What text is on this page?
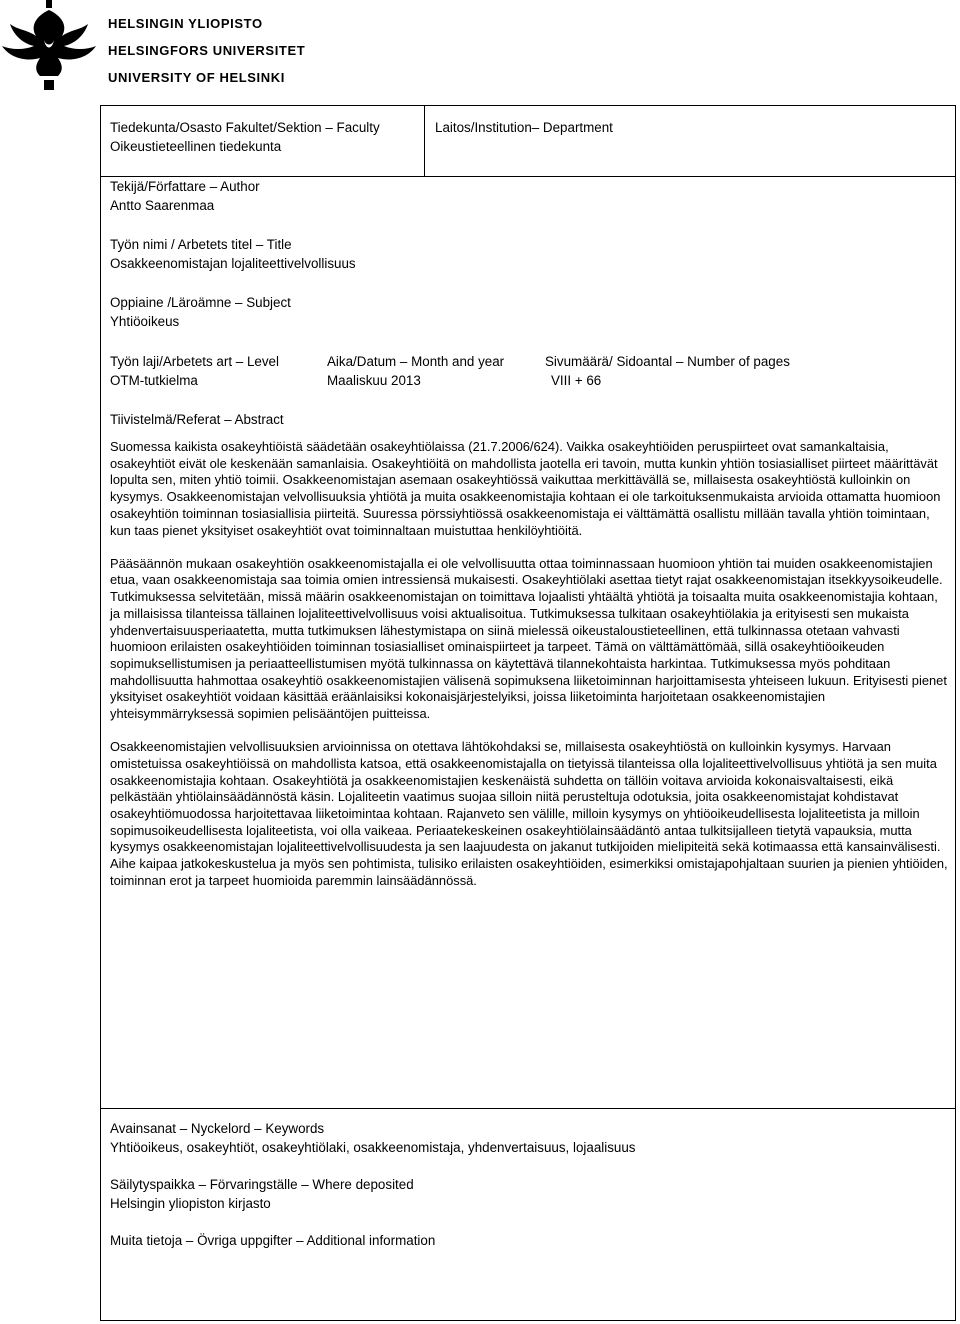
HELSINGIN YLIOPISTO
HELSINGFORS UNIVERSITET
UNIVERSITY OF HELSINKI
Tiedekunta/Osasto Fakultet/Sektion – Faculty
Oikeustieteellinen tiedekunta
Laitos/Institution– Department
Tekijä/Författare – Author
Antto Saarenmaa
Työn nimi / Arbetets titel – Title
Osakkeenomistajan lojaliteettivelvollisuus
Oppiaine /Läroämne – Subject
Yhtiöoikeus
Työn laji/Arbetets art – Level
OTM-tutkielma
Aika/Datum – Month and year
Maaliskuu 2013
Sivumäärä/ Sidoantal – Number of pages
VIII + 66
Tiivistelmä/Referat – Abstract

Suomessa kaikista osakeyhtiöistä säädetään osakeyhtiölaissa (21.7.2006/624). Vaikka osakeyhtiöiden peruspiirteet ovat samankaltaisia, osakeyhtiöt eivät ole keskenään samanlaisia. Osakeyhtiöitä on mahdollista jaotella eri tavoin, mutta kunkin yhtiön tosiasialliset piirteet määrittävät lopulta sen, miten yhtiö toimii. Osakkeenomistajan asemaan osakeyhtiössä vaikuttaa merkittävällä se, millaisesta osakeyhtiöstä kulloinkin on kysymys. Osakkeenomistajan velvollisuuksia yhtiötä ja muita osakkeenomistajia kohtaan ei ole tarkoituksenmukaista arvioida ottamatta huomioon osakeyhtiön toiminnan tosiasiallisia piirteitä. Suuressa pörssiyhtiössä osakkeenomistaja ei välttämättä osallistu millään tavalla yhtiön toimintaan, kun taas pienet yksityiset osakeyhtiöt ovat toiminnaltaan muistuttaa henkilöyhtiöitä.

Pääsäännön mukaan osakeyhtiön osakkeenomistajalla ei ole velvollisuutta ottaa toiminnassaan huomioon yhtiön tai muiden osakkeenomistajien etua, vaan osakkeenomistaja saa toimia omien intressiensä mukaisesti. Osakeyhtiölaki asettaa tietyt rajat osakkeenomistajan itsekkyysoikeudelle. Tutkimuksessa selvitetään, missä määrin osakkeenomistajan on toimittava lojaalisti yhtäältä yhtiötä ja toisaalta muita osakkeenomistajia kohtaan, ja millaisissa tilanteissa tällainen lojaliteettivelvollisuus voisi aktualisoitua. Tutkimuksessa tulkitaan osakeyhtiölakia ja erityisesti sen mukaista yhdenvertaisuusperiaatetta, mutta tutkimuksen lähestymistapa on siinä mielessä oikeustaloustieteellinen, että tulkinnassa otetaan vahvasti huomioon erilaisten osakeyhtiöiden toiminnan tosiasialliset ominaispiirteet ja tarpeet. Tämä on välttämättömää, sillä osakeyhtiöoikeuden sopimuksellistumisen ja periaatteellistumisen myötä tulkinnassa on käytettävä tilannekohtaista harkintaa. Tutkimuksessa myös pohditaan mahdollisuutta hahmottaa osakeyhtiö osakkeenomistajien välisenä sopimuksena liiketoiminnan harjoittamisesta yhteiseen lukuun. Erityisesti pienet yksityiset osakeyhtiöt voidaan käsittää eräänlaisiksi kokonaisjärjestelyiksi, joissa liiketoiminta harjoitetaan osakkeenomistajien yhteisymmärryksessä sopimien pelisääntöjen puitteissa.

Osakkeenomistajien velvollisuuksien arvioinnissa on otettava lähtökohdaksi se, millaisesta osakeyhtiöstä on kulloinkin kysymys. Harvaan omistetuissa osakeyhtiöissä on mahdollista katsoa, että osakkeenomistajalla on tietyissä tilanteissa olla lojaliteettivelvollisuus yhtiötä ja sen muita osakkeenomistajia kohtaan. Osakeyhtiötä ja osakkeenomistajien keskenäistä suhdetta on tällöin voitava arvioida kokonaisvaltaisesti, eikä pelkästään yhtiölainsäädännöstä käsin. Lojaliteetin vaatimus suojaa silloin niitä perusteltuja odotuksia, joita osakkeenomistajat kohdistavat osakeyhtiömuodossa harjoitettavaa liiketoimintaa kohtaan. Rajanveto sen välille, milloin kysymys on yhtiöoikeudellisesta lojaliteetista ja milloin sopimusoikeudellisesta lojaliteetista, voi olla vaikeaa. Periaatekeskeinen osakeyhtiölainsäädäntö antaa tulkitsijalleen tietytä vapauksia, mutta kysymys osakkeenomistajan lojaliteettivelvollisuudesta ja sen laajuudesta on jakanut tutkijoiden mielipiteitä sekä kotimaassa että kansainvälisesti. Aihe kaipaa jatkokeskustelua ja myös sen pohtimista, tulisiko erilaisten osakeyhtiöiden, esimerkiksi omistajapohjaltaan suurien ja pienien yhtiöiden, toiminnan erot ja tarpeet huomioida paremmin lainsäädännössä.

Avainsanat – Nyckelord – Keywords
Yhtiöoikeus, osakeyhtiöt, osakeyhtiölaki, osakkeenomistaja, yhdenvertaisuus, lojaalisuus
Säilytyspaikka – Förvaringställe – Where deposited
Helsingin yliopiston kirjasto
Muita tietoja – Övriga uppgifter – Additional information
